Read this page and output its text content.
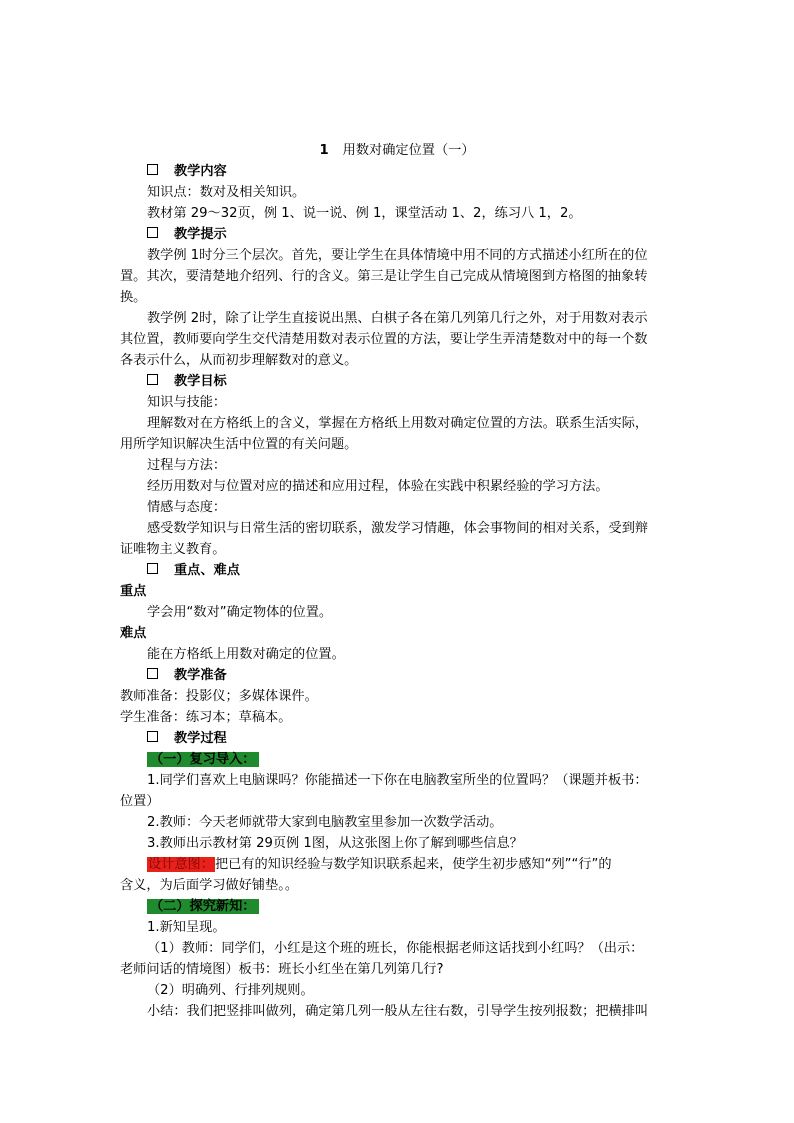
1 用数对确定位置（一）
教学内容
知识点：数对及相关知识。
教材第 29～32页，例 1、说一说、例 1，课堂活动 1、2，练习八 1，2。
教学提示
教学例 1时分三个层次。首先，要让学生在具体情境中用不同的方式描述小红所在的位
置。其次，要清楚地介绍列、行的含义。第三是让学生自己完成从情境图到方格图的抽象转
换。
教学例 2时，除了让学生直接说出黑、白棋子各在第几列第几行之外，对于用数对表示
其位置，教师要向学生交代清楚用数对表示位置的方法，要让学生弄清楚数对中的每一个数
各表示什么，从而初步理解数对的意义。
教学目标
知识与技能：
理解数对在方格纸上的含义，掌握在方格纸上用数对确定位置的方法。联系生活实际，
用所学知识解决生活中位置的有关问题。
过程与方法：
经历用数对与位置对应的描述和应用过程，体验在实践中积累经验的学习方法。
情感与态度：
感受数学知识与日常生活的密切联系，激发学习情趣，体会事物间的相对关系，受到辩
证唯物主义教育。
重点、难点
重点
学会用“数对”确定物体的位置。
难点
能在方格纸上用数对确定的位置。
教学准备
教师准备：投影仪；多媒体课件。
学生准备：练习本；草稿本。
教学过程
（一）复习导入：
1.同学们喜欢上电脑课吗？你能描述一下你在电脑教室所坐的位置吗？（课题并板书：
位置）
2.教师：今天老师就带大家到电脑教室里参加一次数学活动。
3.教师出示教材第 29页例 1图，从这张图上你了解到哪些信息？
设计意图：把已有的知识经验与数学知识联系起来，使学生初步感知“列”“行”的
含义，为后面学习做好铺垫。。
（二）探究新知：
1.新知呈现。
（1）教师：同学们，小红是这个班的班长，你能根据老师这话找到小红吗？（出示：
老师问话的情境图）板书：班长小红坐在第几列第几行?
（2）明确列、行排列规则。
小结：我们把竖排叫做列，确定第几列一般从左往右数，引导学生按列报数；把横排叫
